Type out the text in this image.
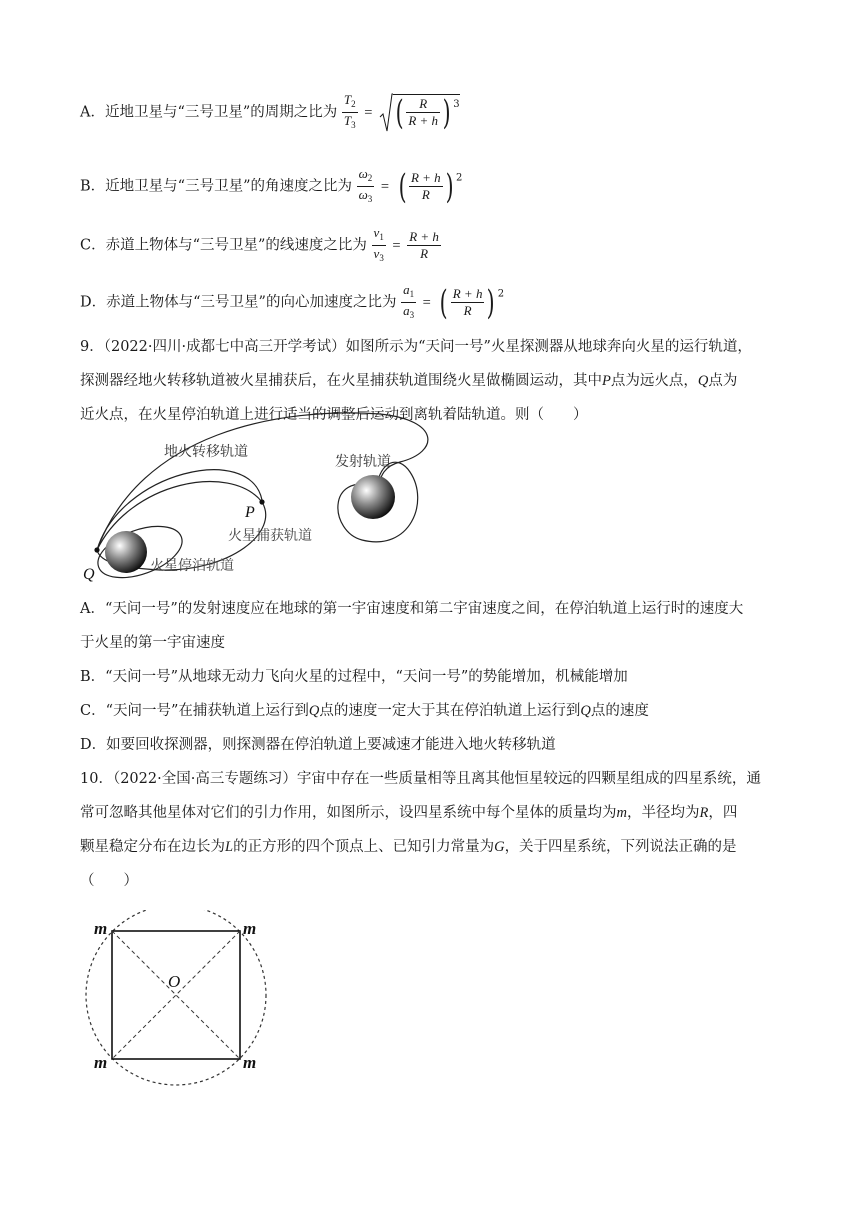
A．近地卫星与“三号卫星”的周期之比为 $\frac{T_2}{T_3}$ = ( $\frac{R}{R + h}$ ) $^3$
B．近地卫星与“三号卫星”的角速度之比为 $\frac{\omega_2}{\omega_3}$ = ( $\frac{R + h}{R}$ ) $^2$
C．赤道上物体与“三号卫星”的线速度之比为 $\frac{v_1}{v_3} = \frac{R + h}{R}$
D．赤道上物体与“三号卫星”的向心加速度之比为 $\frac{a_1}{a_3}$ = ( $\frac{R + h}{R}$ ) $^2$
9．（2022·四川·成都七中高三开学考试）如图所示为“天问一号”火星探测器从地球奔向火星的运行轨道，
探测器经地火转移轨道被火星捕获后，在火星捕获轨道围绕火星做椭圆运动，其中P点为远火点，Q点为
近火点，在火星停泊轨道上进行适当的调整后运动到离轨着陆轨道。则（　　）
地火转移轨道
发射轨道
火星捕获轨道
火星停泊轨道
P
Q
A．“天问一号”的发射速度应在地球的第一宇宙速度和第二宇宙速度之间，在停泊轨道上运行时的速度大
于火星的第一宇宙速度
B．“天问一号”从地球无动力飞向火星的过程中，“天问一号”的势能增加，机械能增加
C．“天问一号”在捕获轨道上运行到Q点的速度一定大于其在停泊轨道上运行到Q点的速度
D．如要回收探测器，则探测器在停泊轨道上要减速才能进入地火转移轨道
10．（2022·全国·高三专题练习）宇宙中存在一些质量相等且离其他恒星较远的四颗星组成的四星系统，通
常可忽略其他星体对它们的引力作用，如图所示，设四星系统中每个星体的质量均为m，半径均为R，四
颗星稳定分布在边长为L的正方形的四个顶点上、已知引力常量为G，关于四星系统，下列说法正确的是
（　　）
m	m
m	m
O
